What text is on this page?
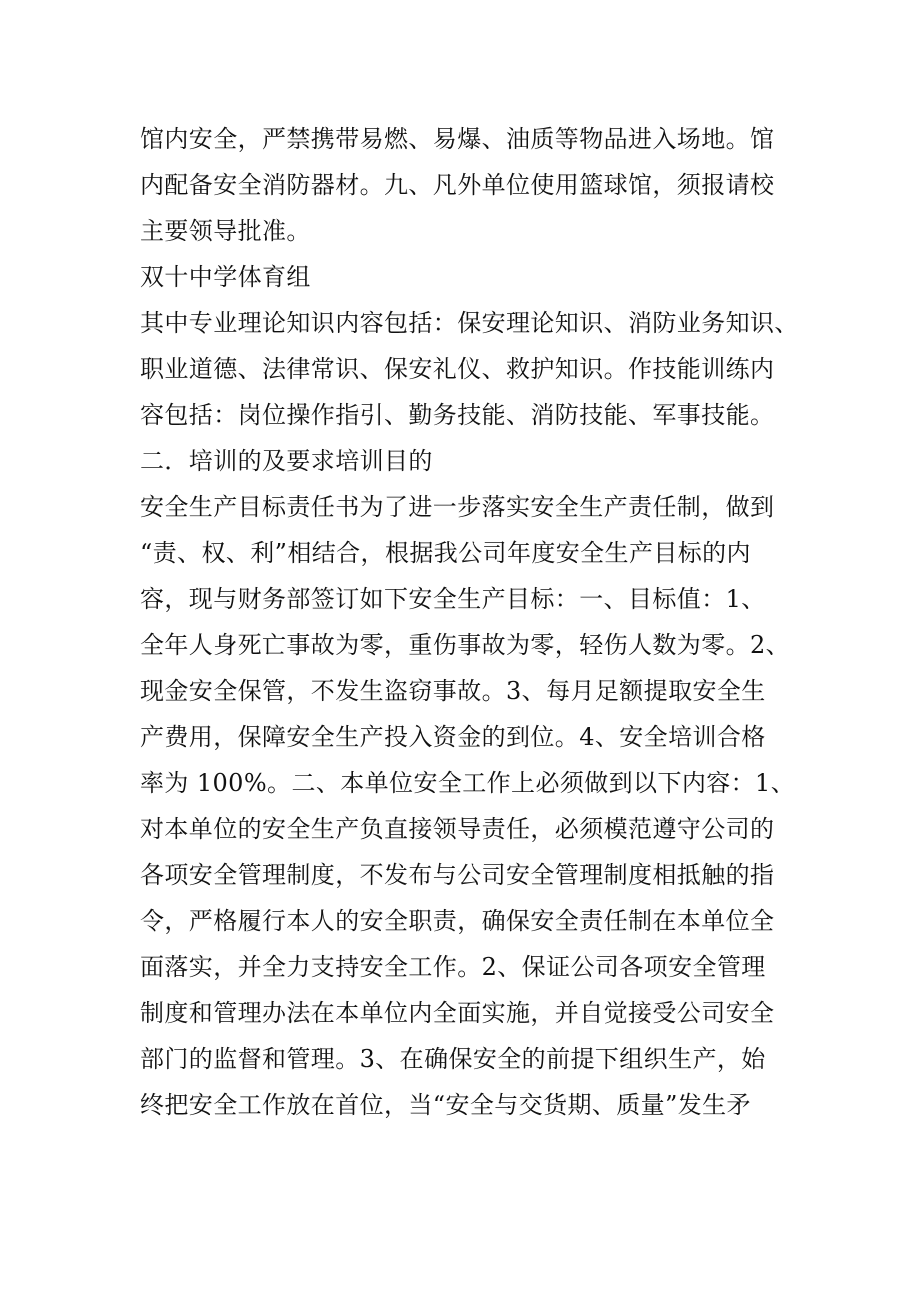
馆内安全，严禁携带易燃、易爆、油质等物品进入场地。馆
内配备安全消防器材。九、凡外单位使用篮球馆，须报请校
主要领导批准。
双十中学体育组
其中专业理论知识内容包括：保安理论知识、消防业务知识、
职业道德、法律常识、保安礼仪、救护知识。作技能训练内
容包括：岗位操作指引、勤务技能、消防技能、军事技能。
二．培训的及要求培训目的
安全生产目标责任书为了进一步落实安全生产责任制，做到
“责、权、利”相结合，根据我公司年度安全生产目标的内
容，现与财务部签订如下安全生产目标：一、目标值：1、
全年人身死亡事故为零，重伤事故为零，轻伤人数为零。2、
现金安全保管，不发生盗窃事故。3、每月足额提取安全生
产费用，保障安全生产投入资金的到位。4、安全培训合格
率为 100%。二、本单位安全工作上必须做到以下内容：1、
对本单位的安全生产负直接领导责任，必须模范遵守公司的
各项安全管理制度，不发布与公司安全管理制度相抵触的指
令，严格履行本人的安全职责，确保安全责任制在本单位全
面落实，并全力支持安全工作。2、保证公司各项安全管理
制度和管理办法在本单位内全面实施，并自觉接受公司安全
部门的监督和管理。3、在确保安全的前提下组织生产，始
终把安全工作放在首位，当“安全与交货期、质量”发生矛
